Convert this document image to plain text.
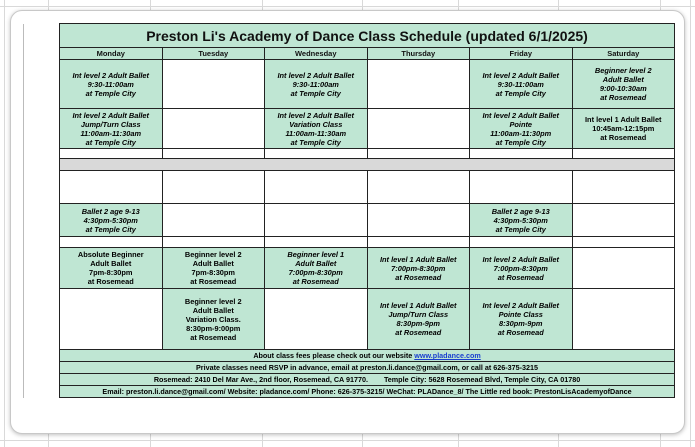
	Preston Li's Academy of Dance Class Schedule (updated 6/1/2025)					
	Monday	Tuesday	Wednesday	Thursday	Friday	Saturday

	Int level 2 Adult Ballet
9:30-11:00am
at Temple City		Int level 2 Adult Ballet
9:30-11:00am
at Temple City		Int level 2 Adult Ballet
9:30-11:00am
at Temple City	Beginner level 2
Adult Ballet
9:00-10:30am
at Rosemead

	Int level 2 Adult Ballet
Jump/Turn Class
11:00am-11:30am
at Temple City		Int level 2 Adult Ballet
Variation Class
11:00am-11:30am
at Temple City		Int level 2 Adult Ballet
Pointe
11:00am-11:30pm
at Temple City	Int level 1 Adult Ballet
10:45am-12:15pm
at Rosemead

	Ballet 2 age 9-13
4:30pm-5:30pm
at Temple City				Ballet 2 age 9-13
4:30pm-5:30pm
at Temple City	

	Absolute Beginner
Adult Ballet
7pm-8:30pm
at Rosemead	Beginner level 2
Adult Ballet
7pm-8:30pm
at Rosemead	Beginner level 1
Adult Ballet
7:00pm-8:30pm
at Rosemead	Int level 1 Adult Ballet
7:00pm-8:30pm
at Rosemead	Int level 2 Adult Ballet
7:00pm-8:30pm
at Rosemead	

		Beginner level 2
Adult Ballet
Variation Class.
8:30pm-9:00pm
at Rosemead		Int level 1 Adult Ballet
Jump/Turn Class
8:30pm-9pm
at Rosemead	Int level 2 Adult Ballet
Pointe Class
8:30pm-9pm
at Rosemead	

	About class fees please check out our website www.pladance.com					
	Private classes need RSVP in advance, email at preston.li.dance@gmail.com, or call at 626-375-3215					
	Rosemead: 2410 Del Mar Ave., 2nd floor, Rosemead, CA 91770. Temple City: 5628 Rosemead Blvd, Temple City, CA 01780					
	Email: preston.li.dance@gmail.com/ Website: pladance.com/ Phone: 626-375-3215/ WeChat: PLADance_8/ The Little red book: PrestonLisAcademyofDance					
